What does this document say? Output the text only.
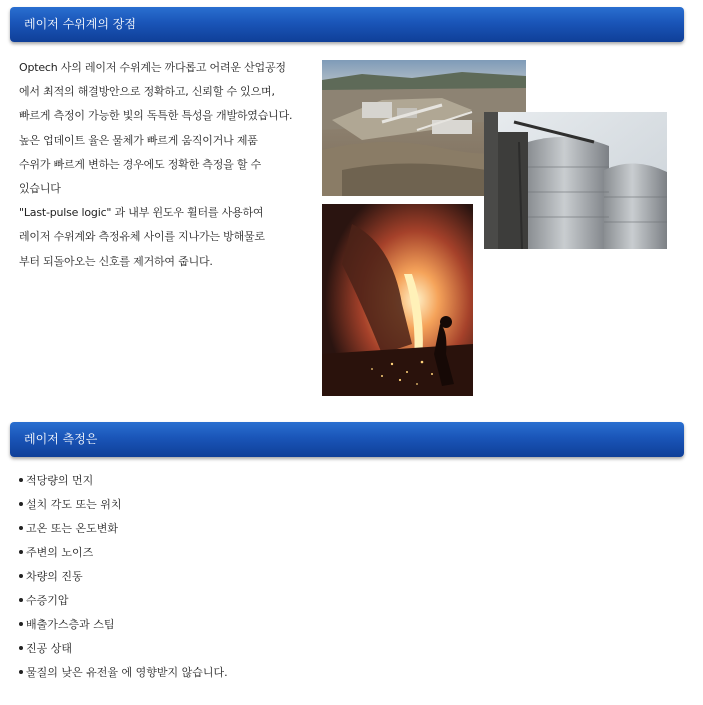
레이저 수위계의 장점
Optech 사의 레이저 수위계는 까다롭고 어려운 산업공정
에서 최적의 해결방안으로 정확하고, 신뢰할 수 있으며,
빠르게 측정이 가능한 빛의 독특한 특성을 개발하였습니다.
높은 업데이트 율은 물체가 빠르게 움직이거나 제품
수위가 빠르게 변하는 경우에도 정확한 측정을 할 수
있습니다
"Last-pulse logic" 과 내부 윈도우 휠터를 사용하여
레이저 수위계와 측정유체 사이를 지나가는 방해물로
부터 되돌아오는 신호를 제거하여 줍니다.
레이저 측정은
적당량의 먼지
설치 각도 또는 위치
고온 또는 온도변화
주변의 노이즈
차량의 진동
수증기압
배출가스층과 스팀
진공 상태
물질의 낮은 유전율 에 영향받지 않습니다.
